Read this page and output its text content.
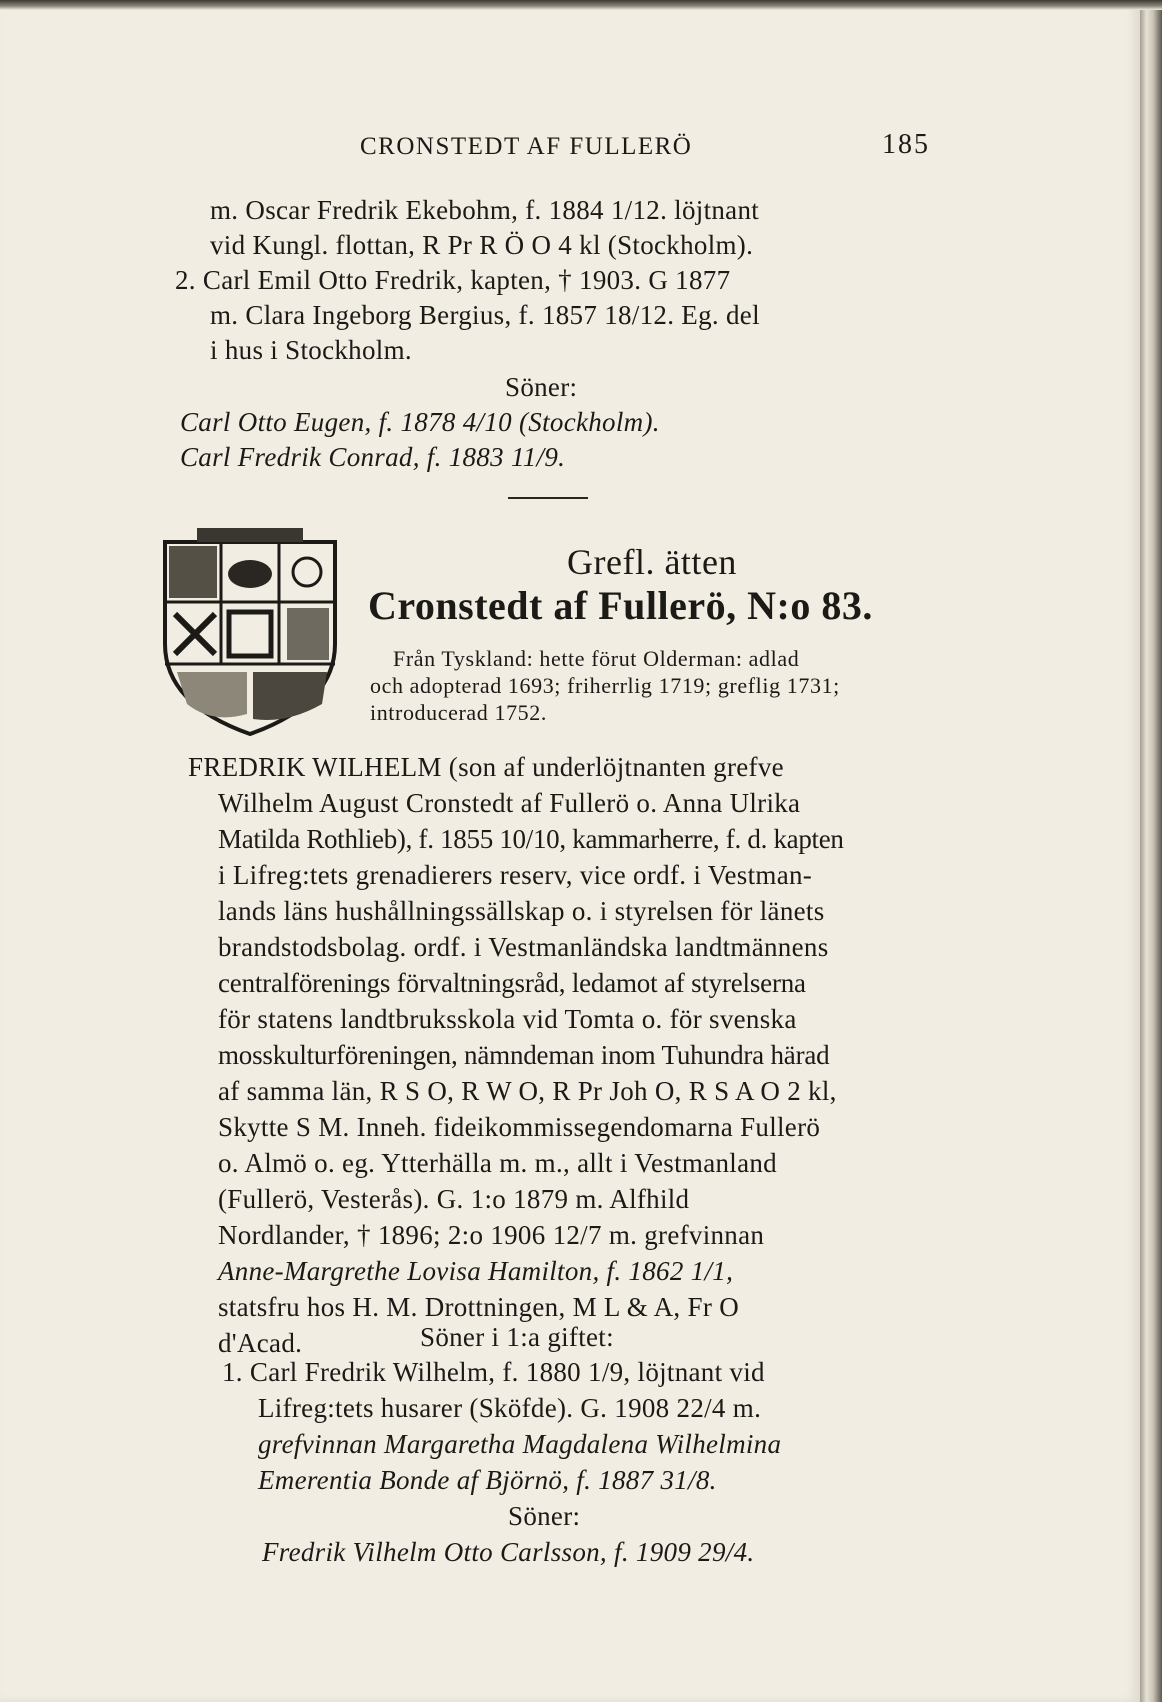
CRONSTEDT AF FULLERÖ	185
m. Oscar Fredrik Ekebohm, f. 1884 1/12. löjtnant
vid Kungl. flottan, R Pr R Ö O 4 kl (Stockholm).
2. Carl Emil Otto Fredrik, kapten, † 1903. G 1877
m. Clara Ingeborg Bergius, f. 1857 18/12. Eg. del
i hus i Stockholm.
Söner:
Carl Otto Eugen, f. 1878 4/10 (Stockholm).
Carl Fredrik Conrad, f. 1883 11/9.
Grefl. ätten
Cronstedt af Fullerö, N:o 83.
Från Tyskland: hette förut Olderman: adlad
och adopterad 1693; friherrlig 1719; greflig 1731;
introducerad 1752.
FREDRIK WILHELM (son af underlöjtnanten grefve
Wilhelm August Cronstedt af Fullerö o. Anna Ulrika
Matilda Rothlieb), f. 1855 10/10, kammarherre, f. d. kapten
i Lifreg:tets grenadierers reserv, vice ordf. i Vestman-
lands läns hushållningssällskap o. i styrelsen för länets
brandstodsbolag. ordf. i Vestmanländska landtmännens
centralförenings förvaltningsråd, ledamot af styrelserna
för statens landtbruksskola vid Tomta o. för svenska
mosskulturföreningen, nämndeman inom Tuhundra härad
af samma län, R S O, R W O, R Pr Joh O, R S A O 2 kl,
Skytte S M. Inneh. fideikommissegendomarna Fullerö
o. Almö o. eg. Ytterhälla m. m., allt i Vestmanland
(Fullerö, Vesterås). G. 1:o 1879 m. Alfhild
Nordlander, † 1896; 2:o 1906 12/7 m. grefvinnan
Anne-Margrethe Lovisa Hamilton, f. 1862 1/1,
statsfru hos H. M. Drottningen, M L & A, Fr O
d'Acad.	Söner i 1:a giftet:
1. Carl Fredrik Wilhelm, f. 1880 1/9, löjtnant vid
Lifreg:tets husarer (Sköfde). G. 1908 22/4 m.
grefvinnan Margaretha Magdalena Wilhelmina
Emerentia Bonde af Björnö, f. 1887 31/8.
Söner:
Fredrik Vilhelm Otto Carlsson, f. 1909 29/4.
